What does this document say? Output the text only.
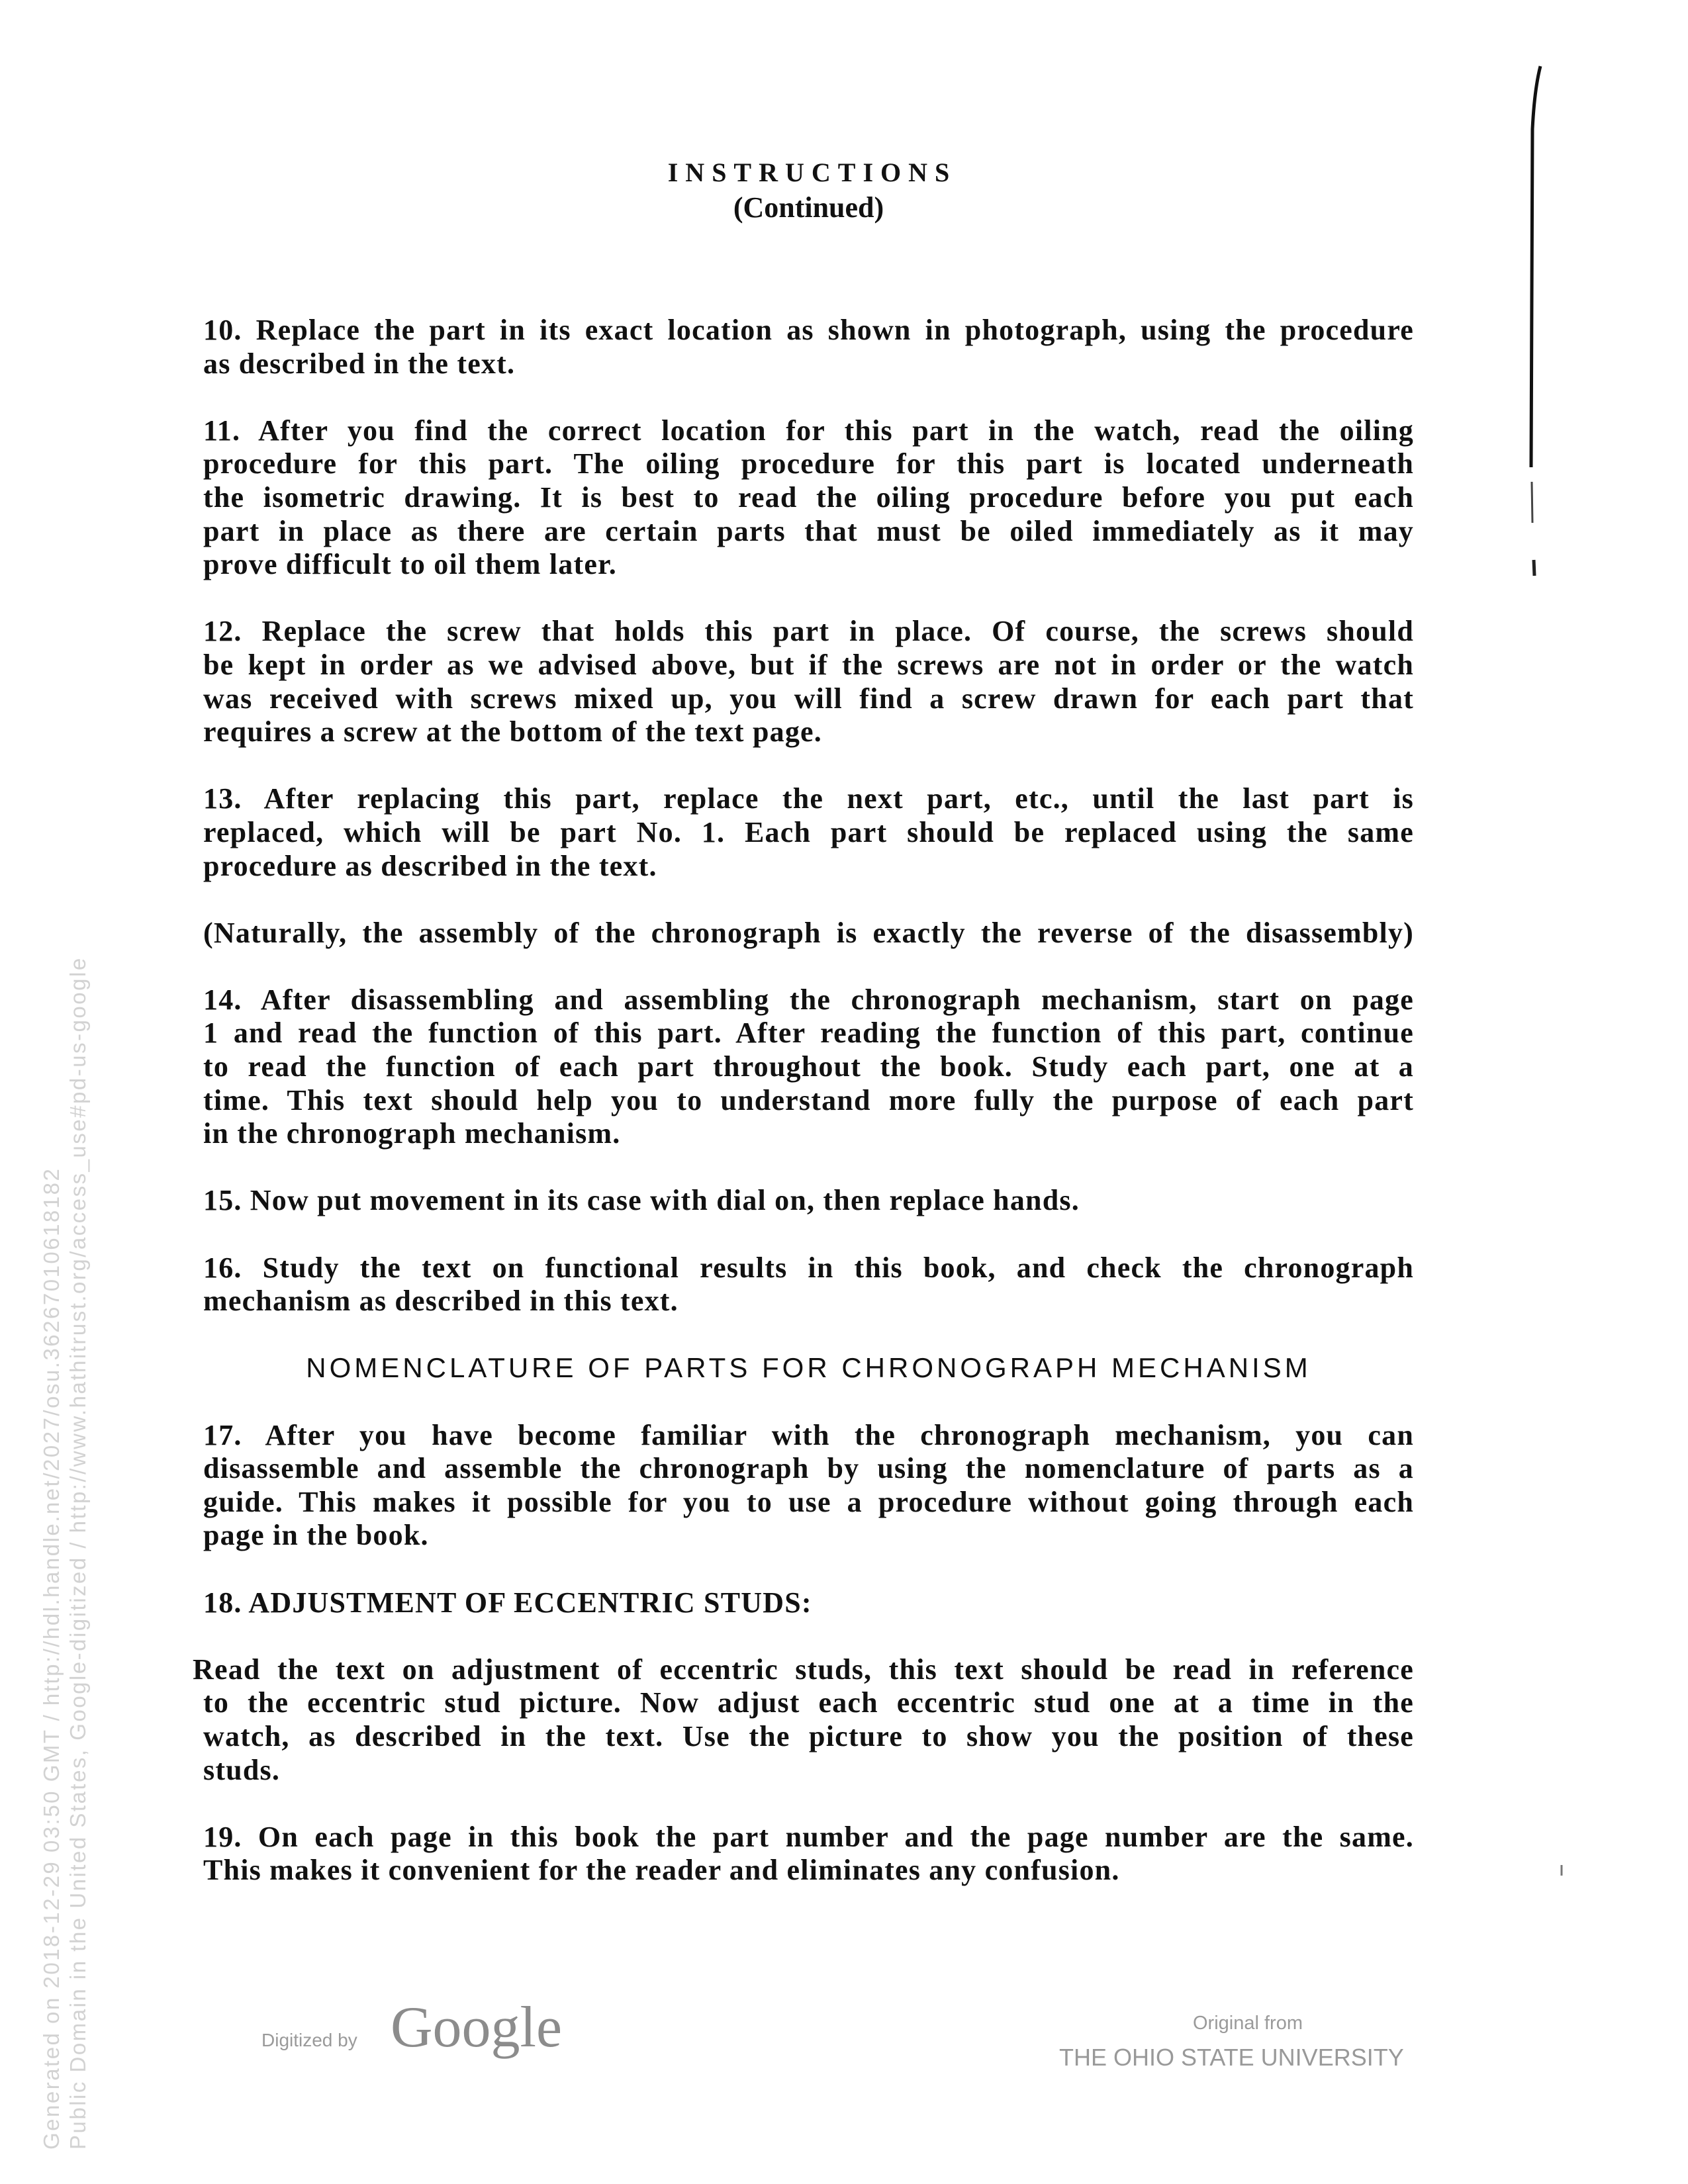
INSTRUCTIONS
(Continued)
10. Replace the part in its exact location as shown in photograph, using the procedure
as described in the text.
11. After you find the correct location for this part in the watch, read the oiling
procedure for this part. The oiling procedure for this part is located underneath
the isometric drawing. It is best to read the oiling procedure before you put each
part in place as there are certain parts that must be oiled immediately as it may
prove difficult to oil them later.
12. Replace the screw that holds this part in place. Of course, the screws should
be kept in order as we advised above, but if the screws are not in order or the watch
was received with screws mixed up, you will find a screw drawn for each part that
requires a screw at the bottom of the text page.
13. After replacing this part, replace the next part, etc., until the last part is
replaced, which will be part No. 1. Each part should be replaced using the same
procedure as described in the text.
(Naturally, the assembly of the chronograph is exactly the reverse of the disassembly)
14. After disassembling and assembling the chronograph mechanism, start on page
1 and read the function of this part. After reading the function of this part, continue
to read the function of each part throughout the book. Study each part, one at a
time. This text should help you to understand more fully the purpose of each part
in the chronograph mechanism.
15. Now put movement in its case with dial on, then replace hands.
16. Study the text on functional results in this book, and check the chronograph
mechanism as described in this text.
NOMENCLATURE OF PARTS FOR CHRONOGRAPH MECHANISM
17. After you have become familiar with the chronograph mechanism, you can
disassemble and assemble the chronograph by using the nomenclature of parts as a
guide. This makes it possible for you to use a procedure without going through each
page in the book.
18. ADJUSTMENT OF ECCENTRIC STUDS:
Read the text on adjustment of eccentric studs, this text should be read in reference
to the eccentric stud picture. Now adjust each eccentric stud one at a time in the
watch, as described in the text. Use the picture to show you the position of these
studs.
19. On each page in this book the part number and the page number are the same.
This makes it convenient for the reader and eliminates any confusion.
Generated on 2018-12-29 03:50 GMT / http://hdl.handle.net/2027/osu.36267010618182 Public Domain in the United States, Google-digitized / http://www.hathitrust.org/access_use#pd-us-google	Digitized by Google	Original from
THE OHIO STATE UNIVERSITY
